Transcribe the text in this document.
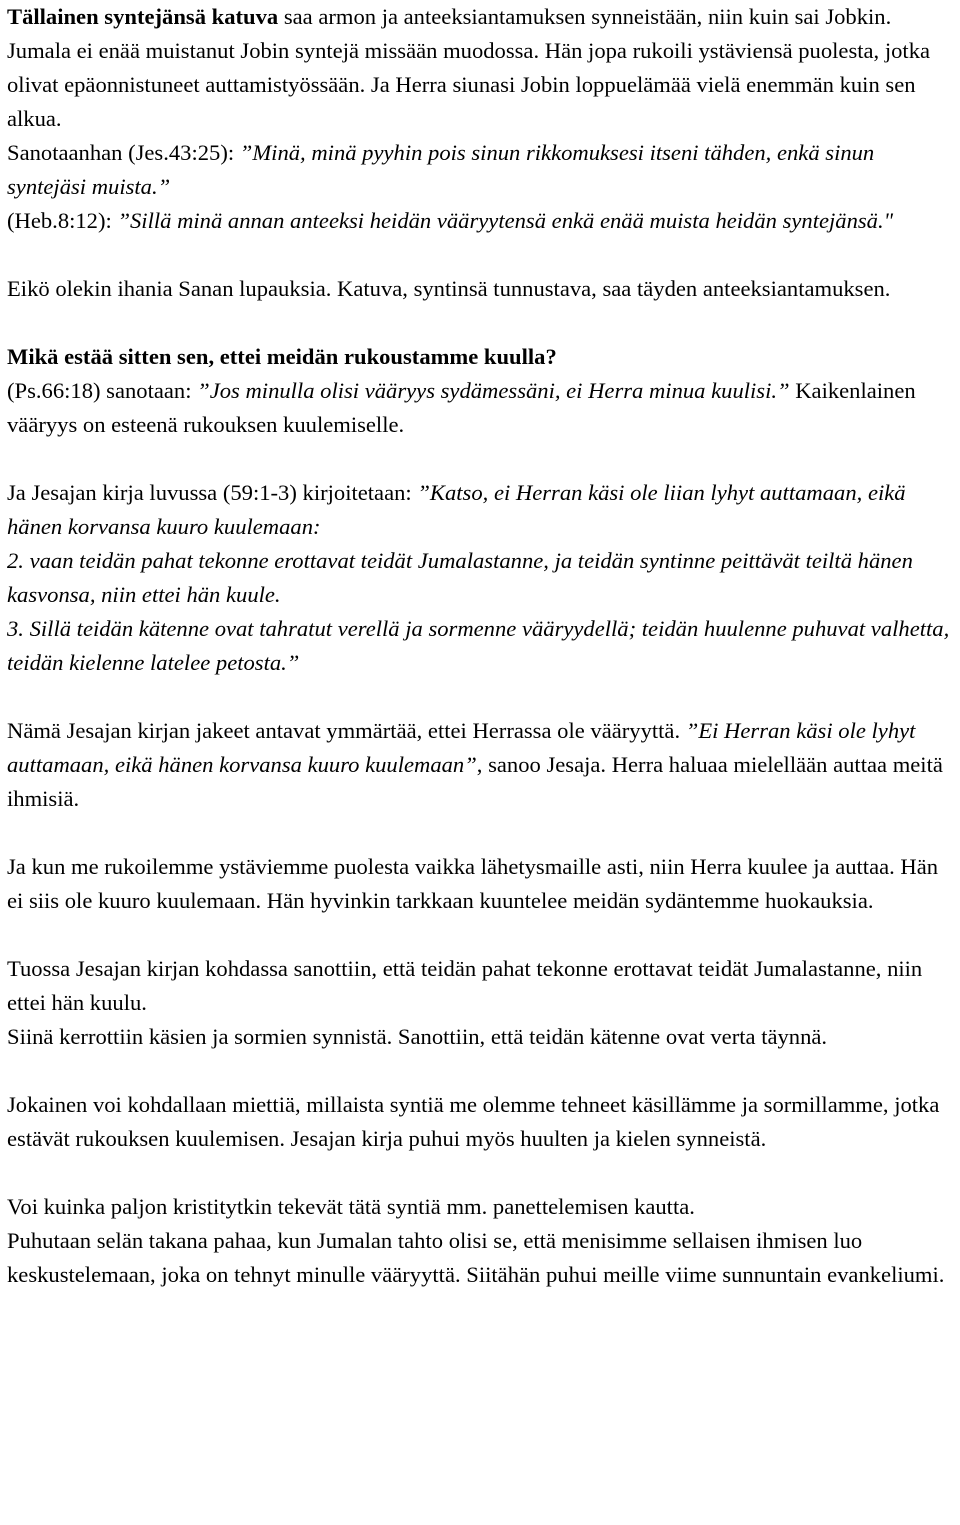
Tällainen syntejänsä katuva saa armon ja anteeksiantamuksen synneistään, niin kuin sai Jobkin. Jumala ei enää muistanut Jobin syntejä missään muodossa. Hän jopa rukoili ystäviensä puolesta, jotka olivat epäonnistuneet auttamistyössään. Ja Herra siunasi Jobin loppuelämää vielä enemmän kuin sen alkua.

Sanotaanhan (Jes.43:25): ”Minä, minä pyyhin pois sinun rikkomuksesi itseni tähden, enkä sinun syntejäsi muista.”

(Heb.8:12): ”Sillä minä annan anteeksi heidän vääryytensä enkä enää muista heidän syntejänsä."

Eikö olekin ihania Sanan lupauksia. Katuva, syntinsä tunnustava, saa täyden anteeksiantamuksen.

Mikä estää sitten sen, ettei meidän rukoustamme kuulla?
(Ps.66:18) sanotaan: ”Jos minulla olisi vääryys sydämessäni, ei Herra minua kuulisi.” Kaikenlainen vääryys on esteenä rukouksen kuulemiselle.

Ja Jesajan kirja luvussa (59:1-3) kirjoitetaan: ”Katso, ei Herran käsi ole liian lyhyt auttamaan, eikä hänen korvansa kuuro kuulemaan:
2. vaan teidän pahat tekonne erottavat teidät Jumalastanne, ja teidän syntinne peittävät teiltä hänen kasvonsa, niin ettei hän kuule.
3. Sillä teidän kätenne ovat tahratut verellä ja sormenne vääryydellä; teidän huulenne puhuvat valhetta, teidän kielenne latelee petosta.”

Nämä Jesajan kirjan jakeet antavat ymmärtää, ettei Herrassa ole vääryyttä. ”Ei Herran käsi ole lyhyt auttamaan, eikä hänen korvansa kuuro kuulemaan”, sanoo Jesaja. Herra haluaa mielellään auttaa meitä ihmisiä.

Ja kun me rukoilemme ystäviemme puolesta vaikka lähetysmaille asti, niin Herra kuulee ja auttaa. Hän ei siis ole kuuro kuulemaan. Hän hyvinkin tarkkaan kuuntelee meidän sydäntemme huokauksia.

Tuossa Jesajan kirjan kohdassa sanottiin, että teidän pahat tekonne erottavat teidät Jumalastanne, niin ettei hän kuulu.
Siinä kerrottiin käsien ja sormien synnistä. Sanottiin, että teidän kätenne ovat verta täynnä.

Jokainen voi kohdallaan miettiä, millaista syntiä me olemme tehneet käsillämme ja sormillamme, jotka estävät rukouksen kuulemisen. Jesajan kirja puhui myös huulten ja kielen synneistä.

Voi kuinka paljon kristitytkin tekevät tätä syntiä mm. panettelemisen kautta.
Puhutaan selän takana pahaa, kun Jumalan tahto olisi se, että menisimme sellaisen ihmisen luo keskustelemaan, joka on tehnyt minulle vääryyttä. Siitähän puhui meille viime sunnuntain evankeliumi.
